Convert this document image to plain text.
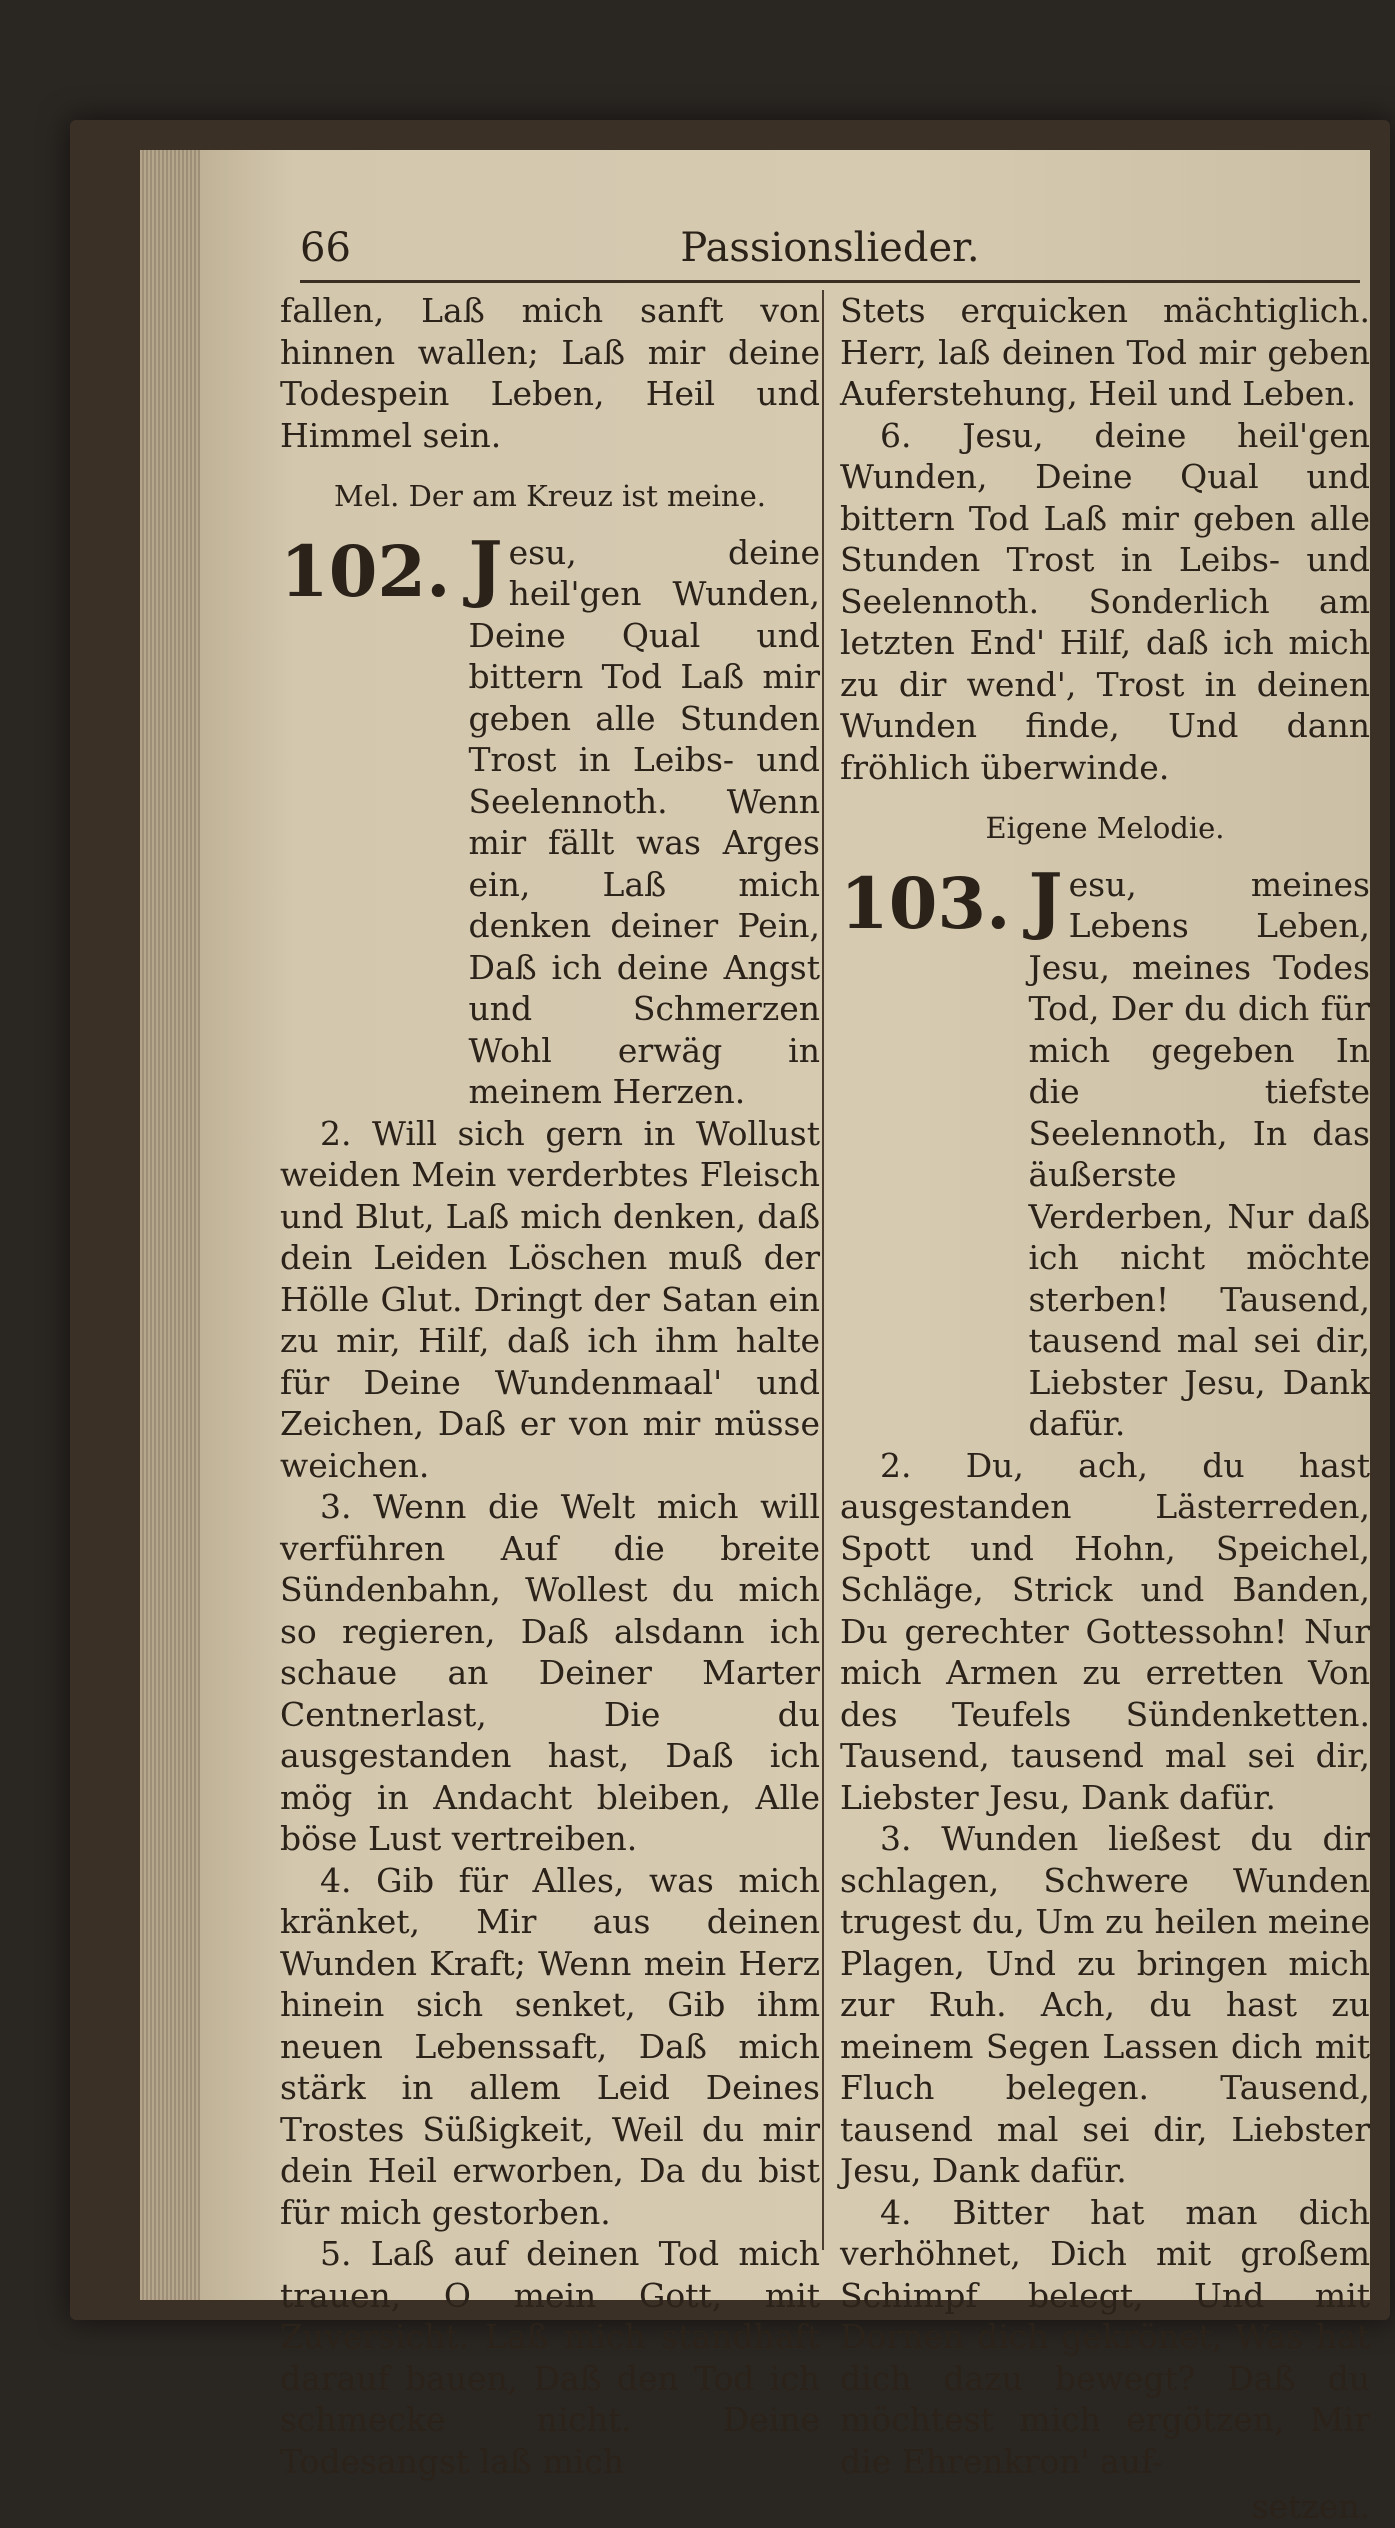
66	Passionslieder.

fallen, Laß mich sanft von hinnen wallen; Laß mir deine Todespein Leben, Heil und Himmel sein.

Mel. Der am Kreuz ist meine.

102. Jesu, deine heil'gen Wunden, Deine Qual und bittern Tod Laß mir geben alle Stunden Trost in Leibs- und Seelennoth. Wenn mir fällt was Arges ein, Laß mich denken deiner Pein, Daß ich deine Angst und Schmerzen Wohl erwäg in meinem Herzen.

2. Will sich gern in Wollust weiden Mein verderbtes Fleisch und Blut, Laß mich denken, daß dein Leiden Löschen muß der Hölle Glut. Dringt der Satan ein zu mir, Hilf, daß ich ihm halte für Deine Wundenmaal' und Zeichen, Daß er von mir müsse weichen.

3. Wenn die Welt mich will verführen Auf die breite Sündenbahn, Wollest du mich so regieren, Daß alsdann ich schaue an Deiner Marter Centnerlast, Die du ausgestanden hast, Daß ich mög in Andacht bleiben, Alle böse Lust vertreiben.

4. Gib für Alles, was mich kränket, Mir aus deinen Wunden Kraft; Wenn mein Herz hinein sich senket, Gib ihm neuen Lebenssaft, Daß mich stärk in allem Leid Deines Trostes Süßigkeit, Weil du mir dein Heil erworben, Da du bist für mich gestorben.

5. Laß auf deinen Tod mich trauen, O mein Gott, mit Zuversicht. Laß mich standhaft darauf bauen, Daß den Tod ich schmecke nicht. Deine Todesangst laß mich

Stets erquicken mächtiglich. Herr, laß deinen Tod mir geben Auferstehung, Heil und Leben.

6. Jesu, deine heil'gen Wunden, Deine Qual und bittern Tod Laß mir geben alle Stunden Trost in Leibs- und Seelennoth. Sonderlich am letzten End' Hilf, daß ich mich zu dir wend', Trost in deinen Wunden finde, Und dann fröhlich überwinde.

Eigene Melodie.

103. Jesu, meines Lebens Leben, Jesu, meines Todes Tod, Der du dich für mich gegeben In die tiefste Seelennoth, In das äußerste Verderben, Nur daß ich nicht möchte sterben! Tausend, tausend mal sei dir, Liebster Jesu, Dank dafür.

2. Du, ach, du hast ausgestanden Lästerreden, Spott und Hohn, Speichel, Schläge, Strick und Banden, Du gerechter Gottessohn! Nur mich Armen zu erretten Von des Teufels Sündenketten. Tausend, tausend mal sei dir, Liebster Jesu, Dank dafür.

3. Wunden ließest du dir schlagen, Schwere Wunden trugest du, Um zu heilen meine Plagen, Und zu bringen mich zur Ruh. Ach, du hast zu meinem Segen Lassen dich mit Fluch belegen. Tausend, tausend mal sei dir, Liebster Jesu, Dank dafür.

4. Bitter hat man dich verhöhnet, Dich mit großem Schimpf belegt, Und mit Dornen dich gekrönet, Was hat dich dazu bewegt? Daß du möchtest mich ergötzen, Mir die Ehrenkron' auf-

setzen.
